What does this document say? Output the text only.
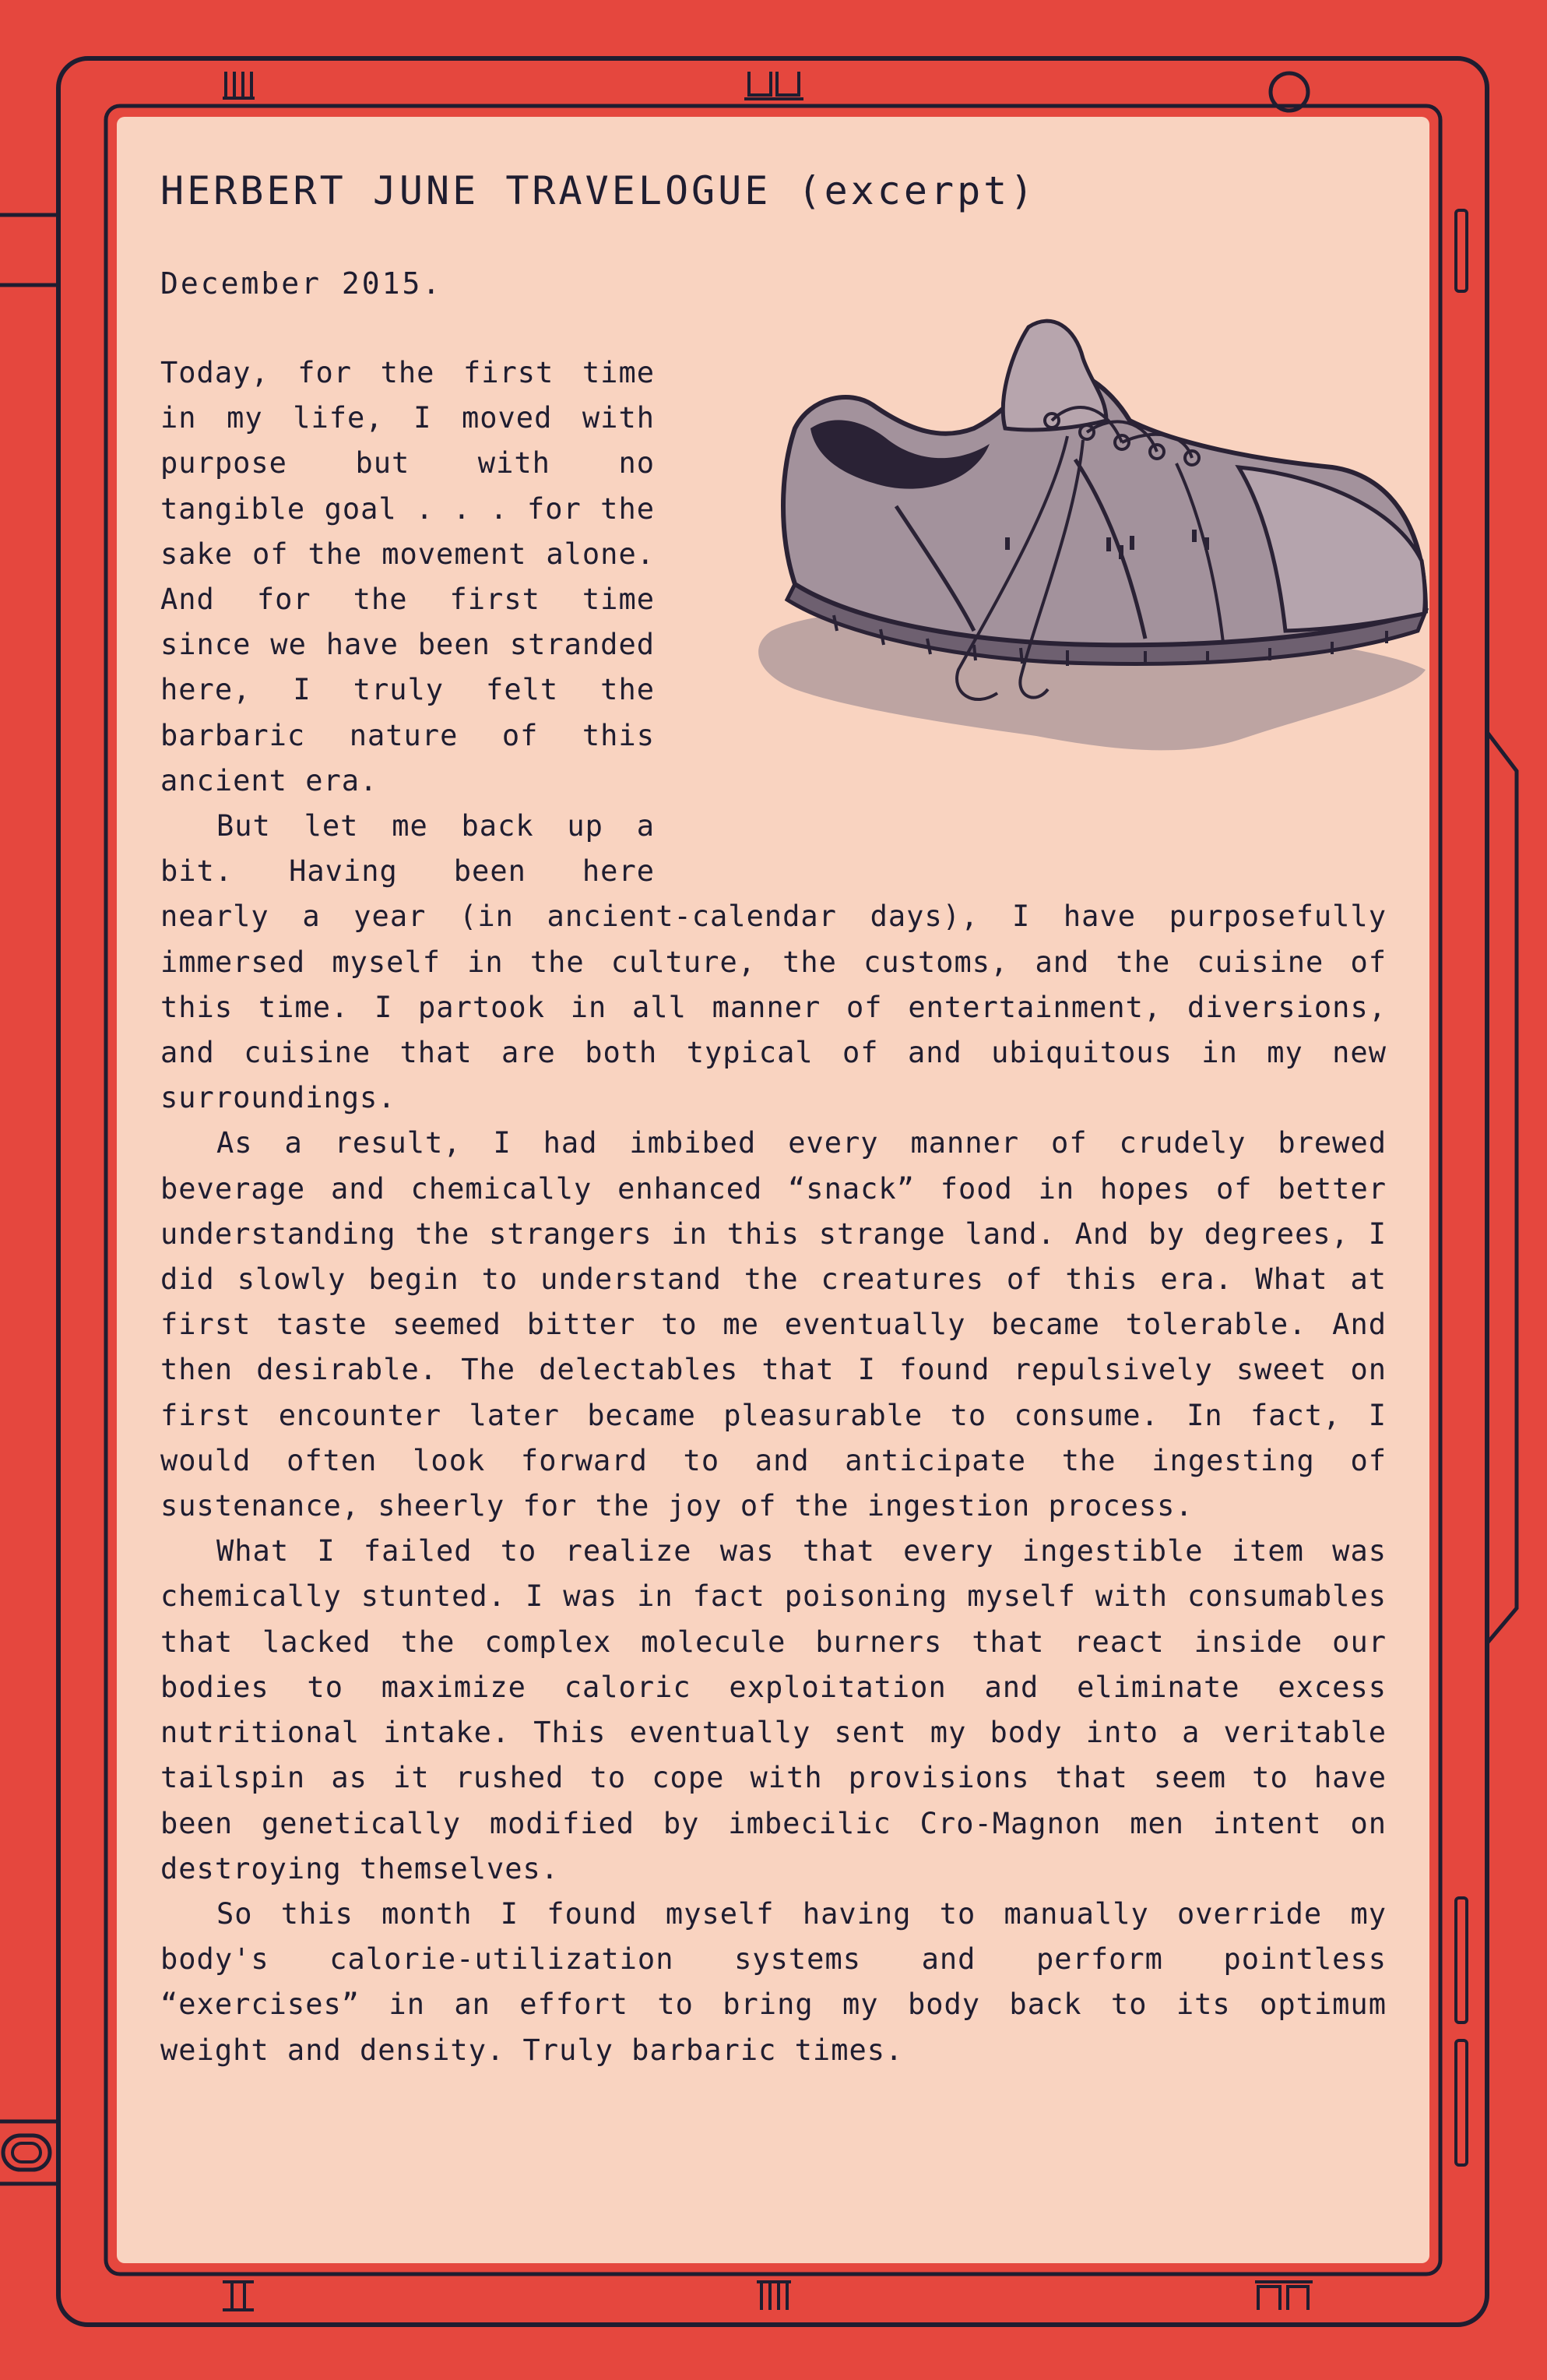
HERBERT JUNE TRAVELOGUE (excerpt)

December 2015.

Today, for the first time in my life, I moved with purpose but with no tangible goal . . . for the sake of the movement alone. And for the first time since we have been stranded here, I truly felt the barbaric nature of this ancient era.

But let me back up a bit. Having been here nearly a year (in ancient-calendar days), I have purposefully immersed myself in the culture, the customs, and the cuisine of this time. I partook in all manner of entertainment, diversions, and cuisine that are both typical of and ubiquitous in my new surroundings.

As a result, I had imbibed every manner of crudely brewed beverage and chemically enhanced “snack” food in hopes of better understanding the strangers in this strange land. And by degrees, I did slowly begin to understand the creatures of this era. What at first taste seemed bitter to me eventually became tolerable. And then desirable. The delectables that I found repulsively sweet on first encounter later became pleasurable to consume. In fact, I would often look forward to and anticipate the ingesting of sustenance, sheerly for the joy of the ingestion process.

What I failed to realize was that every ingestible item was chemically stunted. I was in fact poisoning myself with consumables that lacked the complex molecule burners that react inside our bodies to maximize caloric exploitation and eliminate excess nutritional intake. This eventually sent my body into a veritable tailspin as it rushed to cope with provisions that seem to have been genetically modified by imbecilic Cro-Magnon men intent on destroying themselves.

So this month I found myself having to manually override my body's calorie-utilization systems and perform pointless “exercises” in an effort to bring my body back to its optimum weight and density. Truly barbaric times.
